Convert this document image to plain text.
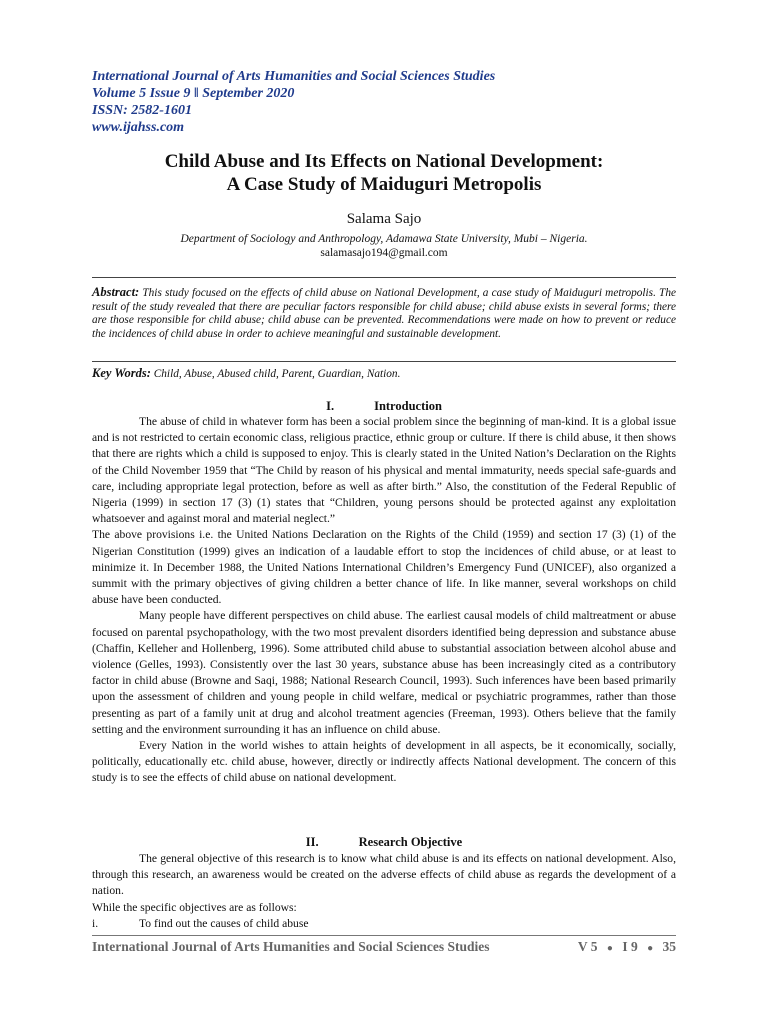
International Journal of Arts Humanities and Social Sciences Studies
Volume 5 Issue 9 ǁ September 2020
ISSN: 2582-1601
www.ijahss.com
Child Abuse and Its Effects on National Development:
A Case Study of Maiduguri Metropolis
Salama Sajo
Department of Sociology and Anthropology, Adamawa State University, Mubi – Nigeria.
salamasajo194@gmail.com
Abstract: This study focused on the effects of child abuse on National Development, a case study of Maiduguri metropolis. The result of the study revealed that there are peculiar factors responsible for child abuse; child abuse exists in several forms; there are those responsible for child abuse; child abuse can be prevented. Recommendations were made on how to prevent or reduce the incidences of child abuse in order to achieve meaningful and sustainable development.
Key Words: Child, Abuse, Abused child, Parent, Guardian, Nation.
I.	Introduction

The abuse of child in whatever form has been a social problem since the beginning of man-kind. It is a global issue and is not restricted to certain economic class, religious practice, ethnic group or culture. If there is child abuse, it then shows that there are rights which a child is supposed to enjoy. This is clearly stated in the United Nation’s Declaration on the Rights of the Child November 1959 that “The Child by reason of his physical and mental immaturity, needs special safe-guards and care, including appropriate legal protection, before as well as after birth.” Also, the constitution of the Federal Republic of Nigeria (1999) in section 17 (3) (1) states that “Children, young persons should be protected against any exploitation whatsoever and against moral and material neglect.”

The above provisions i.e. the United Nations Declaration on the Rights of the Child (1959) and section 17 (3) (1) of the Nigerian Constitution (1999) gives an indication of a laudable effort to stop the incidences of child abuse, or at least to minimize it. In December 1988, the United Nations International Children’s Emergency Fund (UNICEF), also organized a summit with the primary objectives of giving children a better chance of life. In like manner, several workshops on child abuse have been conducted.

Many people have different perspectives on child abuse. The earliest causal models of child maltreatment or abuse focused on parental psychopathology, with the two most prevalent disorders identified being depression and substance abuse (Chaffin, Kelleher and Hollenberg, 1996). Some attributed child abuse to substantial association between alcohol abuse and violence (Gelles, 1993). Consistently over the last 30 years, substance abuse has been increasingly cited as a contributory factor in child abuse (Browne and Saqi, 1988; National Research Council, 1993). Such inferences have been based primarily upon the assessment of children and young people in child welfare, medical or psychiatric programmes, rather than those presenting as part of a family unit at drug and alcohol treatment agencies (Freeman, 1993). Others believe that the family setting and the environment surrounding it has an influence on child abuse.

Every Nation in the world wishes to attain heights of development in all aspects, be it economically, socially, politically, educationally etc. child abuse, however, directly or indirectly affects National development. The concern of this study is to see the effects of child abuse on national development.

II.	Research Objective

The general objective of this research is to know what child abuse is and its effects on national development. Also, through this research, an awareness would be created on the adverse effects of child abuse as regards the development of a nation.

While the specific objectives are as follows:

i.	To find out the causes of child abuse
International Journal of Arts Humanities and Social Sciences Studies	V 5 ● I 9 ● 35
